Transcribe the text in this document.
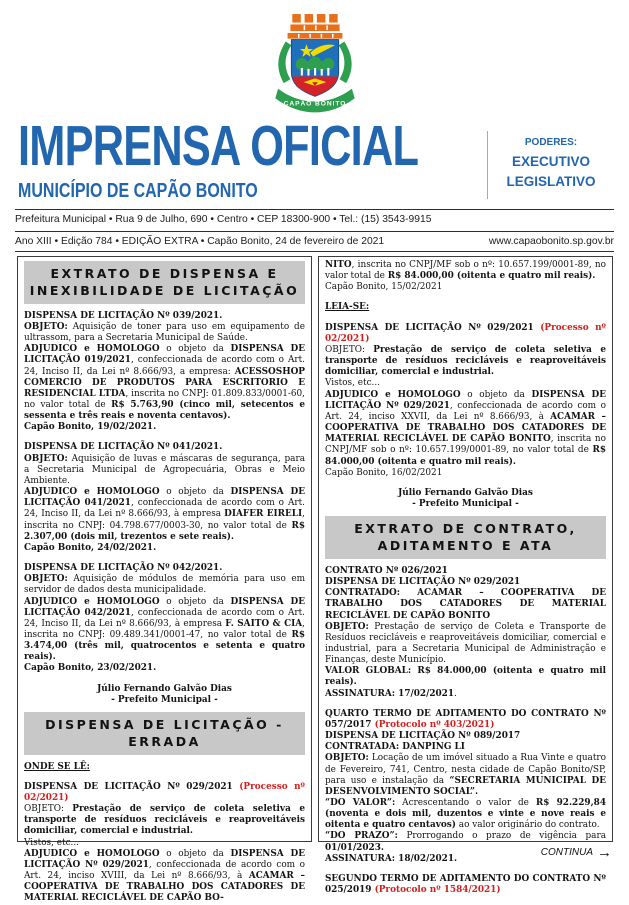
CAPÃO BONITO
IMPRENSA OFICIAL
MUNICÍPIO DE CAPÃO BONITO
PODERES:
EXECUTIVO
LEGISLATIVO
Prefeitura Municipal • Rua 9 de Julho, 690 • Centro • CEP 18300-900 • Tel.: (15) 3543-9915
Ano XIII • Edição 784 • EDIÇÃO EXTRA • Capão Bonito, 24 de fevereiro de 2021	www.capaobonito.sp.gov.br
EXTRATO DE DISPENSA E
INEXIBILIDADE DE LICITAÇÃO
DISPENSA DE LICITAÇÃO Nº 039/2021.
OBJETO: Aquisição de toner para uso em equipamento de ultrassom, para a Secretaria Municipal de Saúde.
ADJUDICO e HOMOLOGO o objeto da DISPENSA DE LICITAÇÃO 019/2021, confeccionada de acordo com o Art. 24, Inciso II, da Lei nº 8.666/93, a empresa: ACESSOSHOP COMERCIO DE PRODUTOS PARA ESCRITORIO E RESIDENCIAL LTDA, inscrita no CNPJ: 01.809.833/0001-60, no valor total de R$ 5.763,90 (cinco mil, setecentos e sessenta e três reais e noventa centavos).
Capão Bonito, 19/02/2021.
DISPENSA DE LICITAÇÃO Nº 041/2021.
OBJETO: Aquisição de luvas e máscaras de segurança, para a Secretaria Municipal de Agropecuária, Obras e Meio Ambiente.
ADJUDICO e HOMOLOGO o objeto da DISPENSA DE LICITAÇÃO 041/2021, confeccionada de acordo com o Art. 24, Inciso II, da Lei nº 8.666/93, à empresa DIAFER EIRELI, inscrita no CNPJ: 04.798.677/0003-30, no valor total de R$ 2.307,00 (dois mil, trezentos e sete reais).
Capão Bonito, 24/02/2021.
DISPENSA DE LICITAÇÃO Nº 042/2021.
OBJETO: Aquisição de módulos de memória para uso em servidor de dados desta municipalidade.
ADJUDICO e HOMOLOGO o objeto da DISPENSA DE LICITAÇÃO 042/2021, confeccionada de acordo com o Art. 24, Inciso II, da Lei nº 8.666/93, à empresa F. SAITO & CIA, inscrita no CNPJ: 09.489.341/0001-47, no valor total de R$ 3.474,00 (três mil, quatrocentos e setenta e quatro reais).
Capão Bonito, 23/02/2021.
Júlio Fernando Galvão Dias
- Prefeito Municipal -
DISPENSA DE LICITAÇÃO - ERRADA
ONDE SE LÊ:
DISPENSA DE LICITAÇÃO Nº 029/2021 (Processo nº 02/2021)
OBJETO: Prestação de serviço de coleta seletiva e transporte de resíduos recicláveis e reaproveitáveis domiciliar, comercial e industrial.
Vistos, etc...
ADJUDICO e HOMOLOGO o objeto da DISPENSA DE LICITAÇÃO Nº 029/2021, confeccionada de acordo com o Art. 24, inciso XVIII, da Lei nº 8.666/93, à ACAMAR – COOPERATIVA DE TRABALHO DOS CATADORES DE MATERIAL RECICLÁVEL DE CAPÃO BO-
NITO, inscrita no CNPJ/MF sob o nº: 10.657.199/0001-89, no valor total de R$ 84.000,00 (oitenta e quatro mil reais).
Capão Bonito, 15/02/2021
LEIA-SE:
DISPENSA DE LICITAÇÃO Nº 029/2021 (Processo nº 02/2021)
OBJETO: Prestação de serviço de coleta seletiva e transporte de resíduos recicláveis e reaproveitáveis domiciliar, comercial e industrial.
Vistos, etc...
ADJUDICO e HOMOLOGO o objeto da DISPENSA DE LICITAÇÃO Nº 029/2021, confeccionada de acordo com o Art. 24, inciso XXVII, da Lei nº 8.666/93, à ACAMAR – COOPERATIVA DE TRABALHO DOS CATADORES DE MATERIAL RECICLÁVEL DE CAPÃO BONITO, inscrita no CNPJ/MF sob o nº: 10.657.199/0001-89, no valor total de R$ 84.000,00 (oitenta e quatro mil reais).
Capão Bonito, 16/02/2021
Júlio Fernando Galvão Dias
- Prefeito Municipal -
EXTRATO DE CONTRATO,
ADITAMENTO E ATA
CONTRATO Nº 026/2021
DISPENSA DE LICITAÇÃO Nº 029/2021
CONTRATADO: ACAMAR – COOPERATIVA DE TRABALHO DOS CATADORES DE MATERIAL RECICLÁVEL DE CAPÃO BONITO
OBJETO: Prestação de serviço de Coleta e Transporte de Resíduos recicláveis e reaproveitáveis domiciliar, comercial e industrial, para a Secretaria Municipal de Administração e Finanças, deste Município.
VALOR GLOBAL: R$ 84.000,00 (oitenta e quatro mil reais).
ASSINATURA: 17/02/2021.
QUARTO TERMO DE ADITAMENTO DO CONTRATO Nº 057/2017 (Protocolo nº 403/2021)
DISPENSA DE LICITAÇÃO Nº 089/2017
CONTRATADA: DANPING LI
OBJETO: Locação de um imóvel situado a Rua Vinte e quatro de Fevereiro, 741, Centro, nesta cidade de Capão Bonito/SP, para uso e instalação da “SECRETARIA MUNICIPAL DE DESENVOLVIMENTO SOCIAL”.
“DO VALOR”: Acrescentando o valor de R$ 92.229,84 (noventa e dois mil, duzentos e vinte e nove reais e oitenta e quatro centavos) ao valor originário do contrato.
“DO PRAZO”: Prorrogando o prazo de vigência para 01/01/2023.
ASSINATURA: 18/02/2021.
SEGUNDO TERMO DE ADITAMENTO DO CONTRATO Nº 025/2019 (Protocolo nº 1584/2021)
CONTINUA →
